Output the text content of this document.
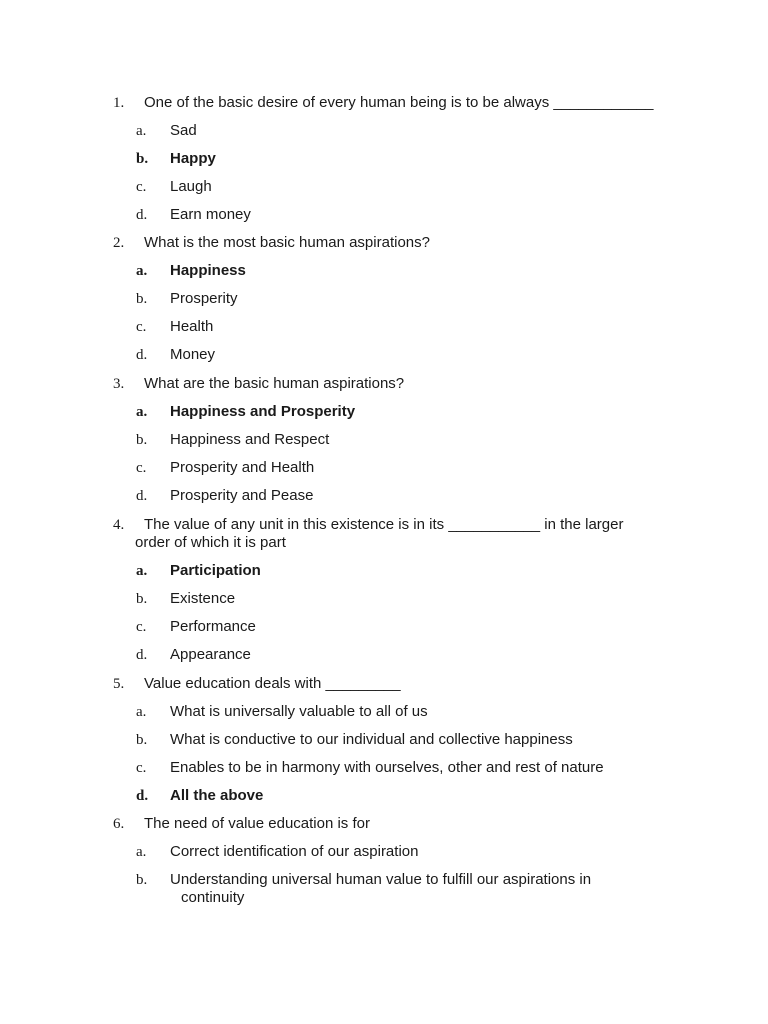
1. One of the basic desire of every human being is to be always ____________
a. Sad
b. Happy
c. Laugh
d. Earn money
2. What is the most basic human aspirations?
a. Happiness
b. Prosperity
c. Health
d. Money
3. What are the basic human aspirations?
a. Happiness and Prosperity
b. Happiness and Respect
c. Prosperity and Health
d. Prosperity and Pease
4. The value of any unit in this existence is in its ___________ in the larger
order of which it is part
a. Participation
b. Existence
c. Performance
d. Appearance
5. Value education deals with _________
a. What is universally valuable to all of us
b. What is conductive to our individual and collective happiness
c. Enables to be in harmony with ourselves, other and rest of nature
d. All the above
6. The need of value education is for
a. Correct identification of our aspiration
b. Understanding universal human value to fulfill our aspirations in
continuity
